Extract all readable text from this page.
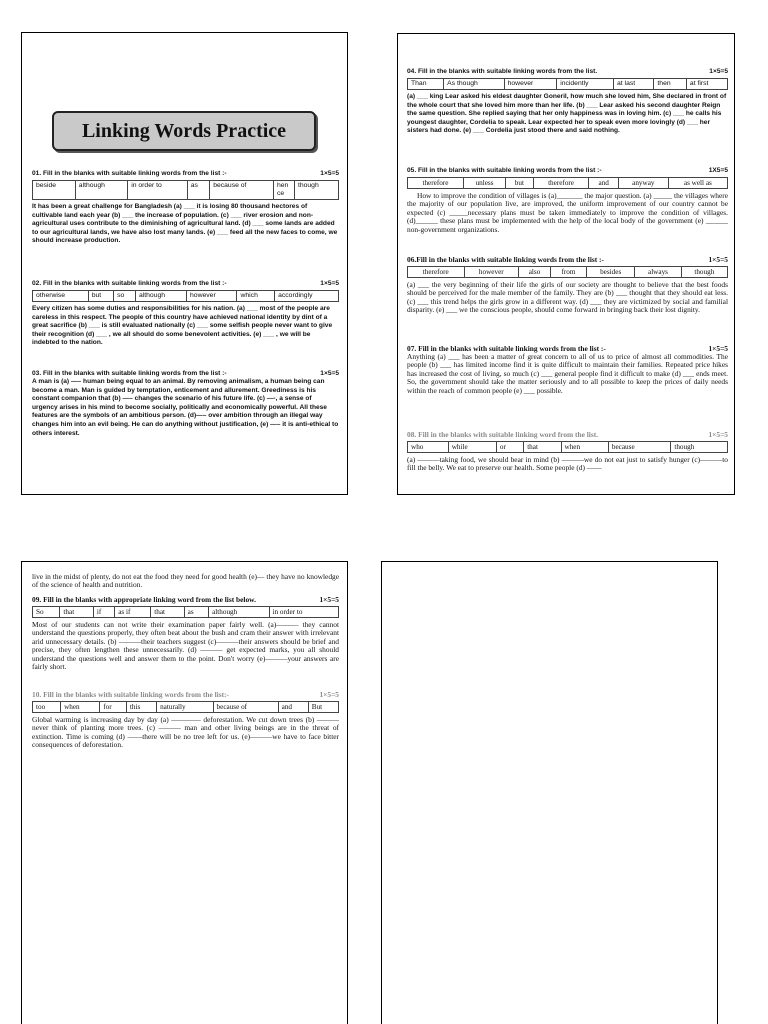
Linking Words Practice
01. Fill in the blanks with suitable linking words from the list :-	1×5=5
beside	although	in order to	as	because of	hence	though

It has been a great challenge for Bangladesh (a) ___ it is losing 80 thousand hectores of cultivable land each year (b) ___ the increase of population. (c) ___ river erosion and non-agricultural uses contribute to the diminishing of agricultural land. (d) ___ some lands are added to our agricultural lands, we have also lost many lands. (e) ___ feed all the new faces to come, we should increase production.

02. Fill in the blanks with suitable linking words from the list :-	1×5=5
otherwise	but	so	although	however	which	accordingly

Every citizen has some duties and responsibilities for his nation. (a) ___ most of the people are careless in this respect. The people of this country have achieved national identity by dint of a great sacrifice (b) ___ is still evaluated nationally (c) ___ some selfish people never want to give their recognition (d) ___ , we all should do some benevolent activities. (e) ___ , we will be indebted to the nation.

03. Fill in the blanks with suitable linking words from the list :-	1×5=5

A man is (a) —– human being equal to an animal. By removing animalism, a human being can become a man. Man is guided by temptation, enticement and allurement. Greediness is his constant companion that (b) —– changes the scenario of his future life. (c) —-, a sense of urgency arises in his mind to become socially, politically and economically powerful. All these features are the symbols of an ambitious person. (d)—– over ambition through an illegal way changes him into an evil being. He can do anything without justification, (e) —– it is anti-ethical to others interest.

04. Fill in the blanks with suitable linking words from the list.	1×5=5
Than	As though	however	incidently	at last	then	at first

(a) ___ king Lear asked his eldest daughter Goneril, how much she loved him, She declared in front of the whole court that she loved him more than her life. (b) ___ Lear asked his second daughter Reign the same question. She replied saying that her only happiness was in loving him. (c) ___ he calls his youngest daughter, Cordelia to speak. Lear expected her to speak even more lovingly (d) ___ her sisters had done. (e) ___ Cordelia just stood there and said nothing.

05. Fill in the blanks with suitable linking words from the list :-	1X5=5
therefore	unless	but	therefore	and	anyway	as well as

How to improve the condition of villages is (a)_______ the major question. (a) _____ the villages where the majority of our population live, are improved, the uniform improvement of our country cannot be expected (c) _____necessary plans must be taken immediately to improve the condition of villages. (d)______ these plans must be implemented with the help of the local body of the government (e) ______ non-government organizations.

06.Fill in the blanks with suitable linking words from the list :-	1×5=5
therefore	however	also	from	besides	always	though

(a) ___ the very beginning of their life the girls of our society are thought to believe that the best foods should be perceived for the male member of the family. They are (b) ___ thought that they should eat less. (c) ___ this trend helps the girls grow in a different way. (d) ___ they are victimized by social and familial disparity. (e) ___ we the conscious people, should come forward in bringing back their lost dignity.

07. Fill in the blanks with suitable linking words from the list :-	1×5=5

Anything (a) ___ has been a matter of great concern to all of us to price of almost all commodities. The people (b) ___ has limited income find it is quite difficult to maintain their families. Repeated price hikes has increased the cost of living, so much (c) ___ general people find it difficult to make (d) ___ ends meet. So, the government should take the matter seriously and to all possible to keep the prices of daily needs within the reach of common people (e) ___ possible.

08. Fill in the blanks with suitable linking word from the list.	1×5=5
who	while	or	that	when	because	though

(a) ———taking food, we should bear in mind (b) ———we do not eat just to satisfy hunger (c)———to fill the belly. We eat to preserve our health. Some people (d) ——

live in the midst of plenty, do not eat the food they need for good health (e)— they have no knowledge of the science of health and nutrition.

09. Fill in the blanks with appropriate linking word from the list below.	1×5=5
So	that	if	as if	that	as	although	in order to

Most of our students can not write their examination paper fairly well. (a)——— they cannot understand the questions properly, they often beat about the bush and cram their answer with irrelevant arid unnecessary details. (b) ———their teachers suggest (c)———their answers should be brief and precise, they often lengthen these unnecessarily. (d) ——— get expected marks, you all should understand the questions well and answer them to the point. Don't worry (e)———your answers are fairly short.

10. Fill in the blanks with suitable linking words from the list:-	1×5=5
too	when	for	this	naturally	because of	and	But

Global warming is increasing day by day (a) ———— deforestation. We cut down trees (b) ———never think of planting more trees. (c) ——— man and other living beings are in the threat of extinction. Time is coming (d) ——there will be no tree left for us. (e)———we have to face bitter consequences of deforestation.
